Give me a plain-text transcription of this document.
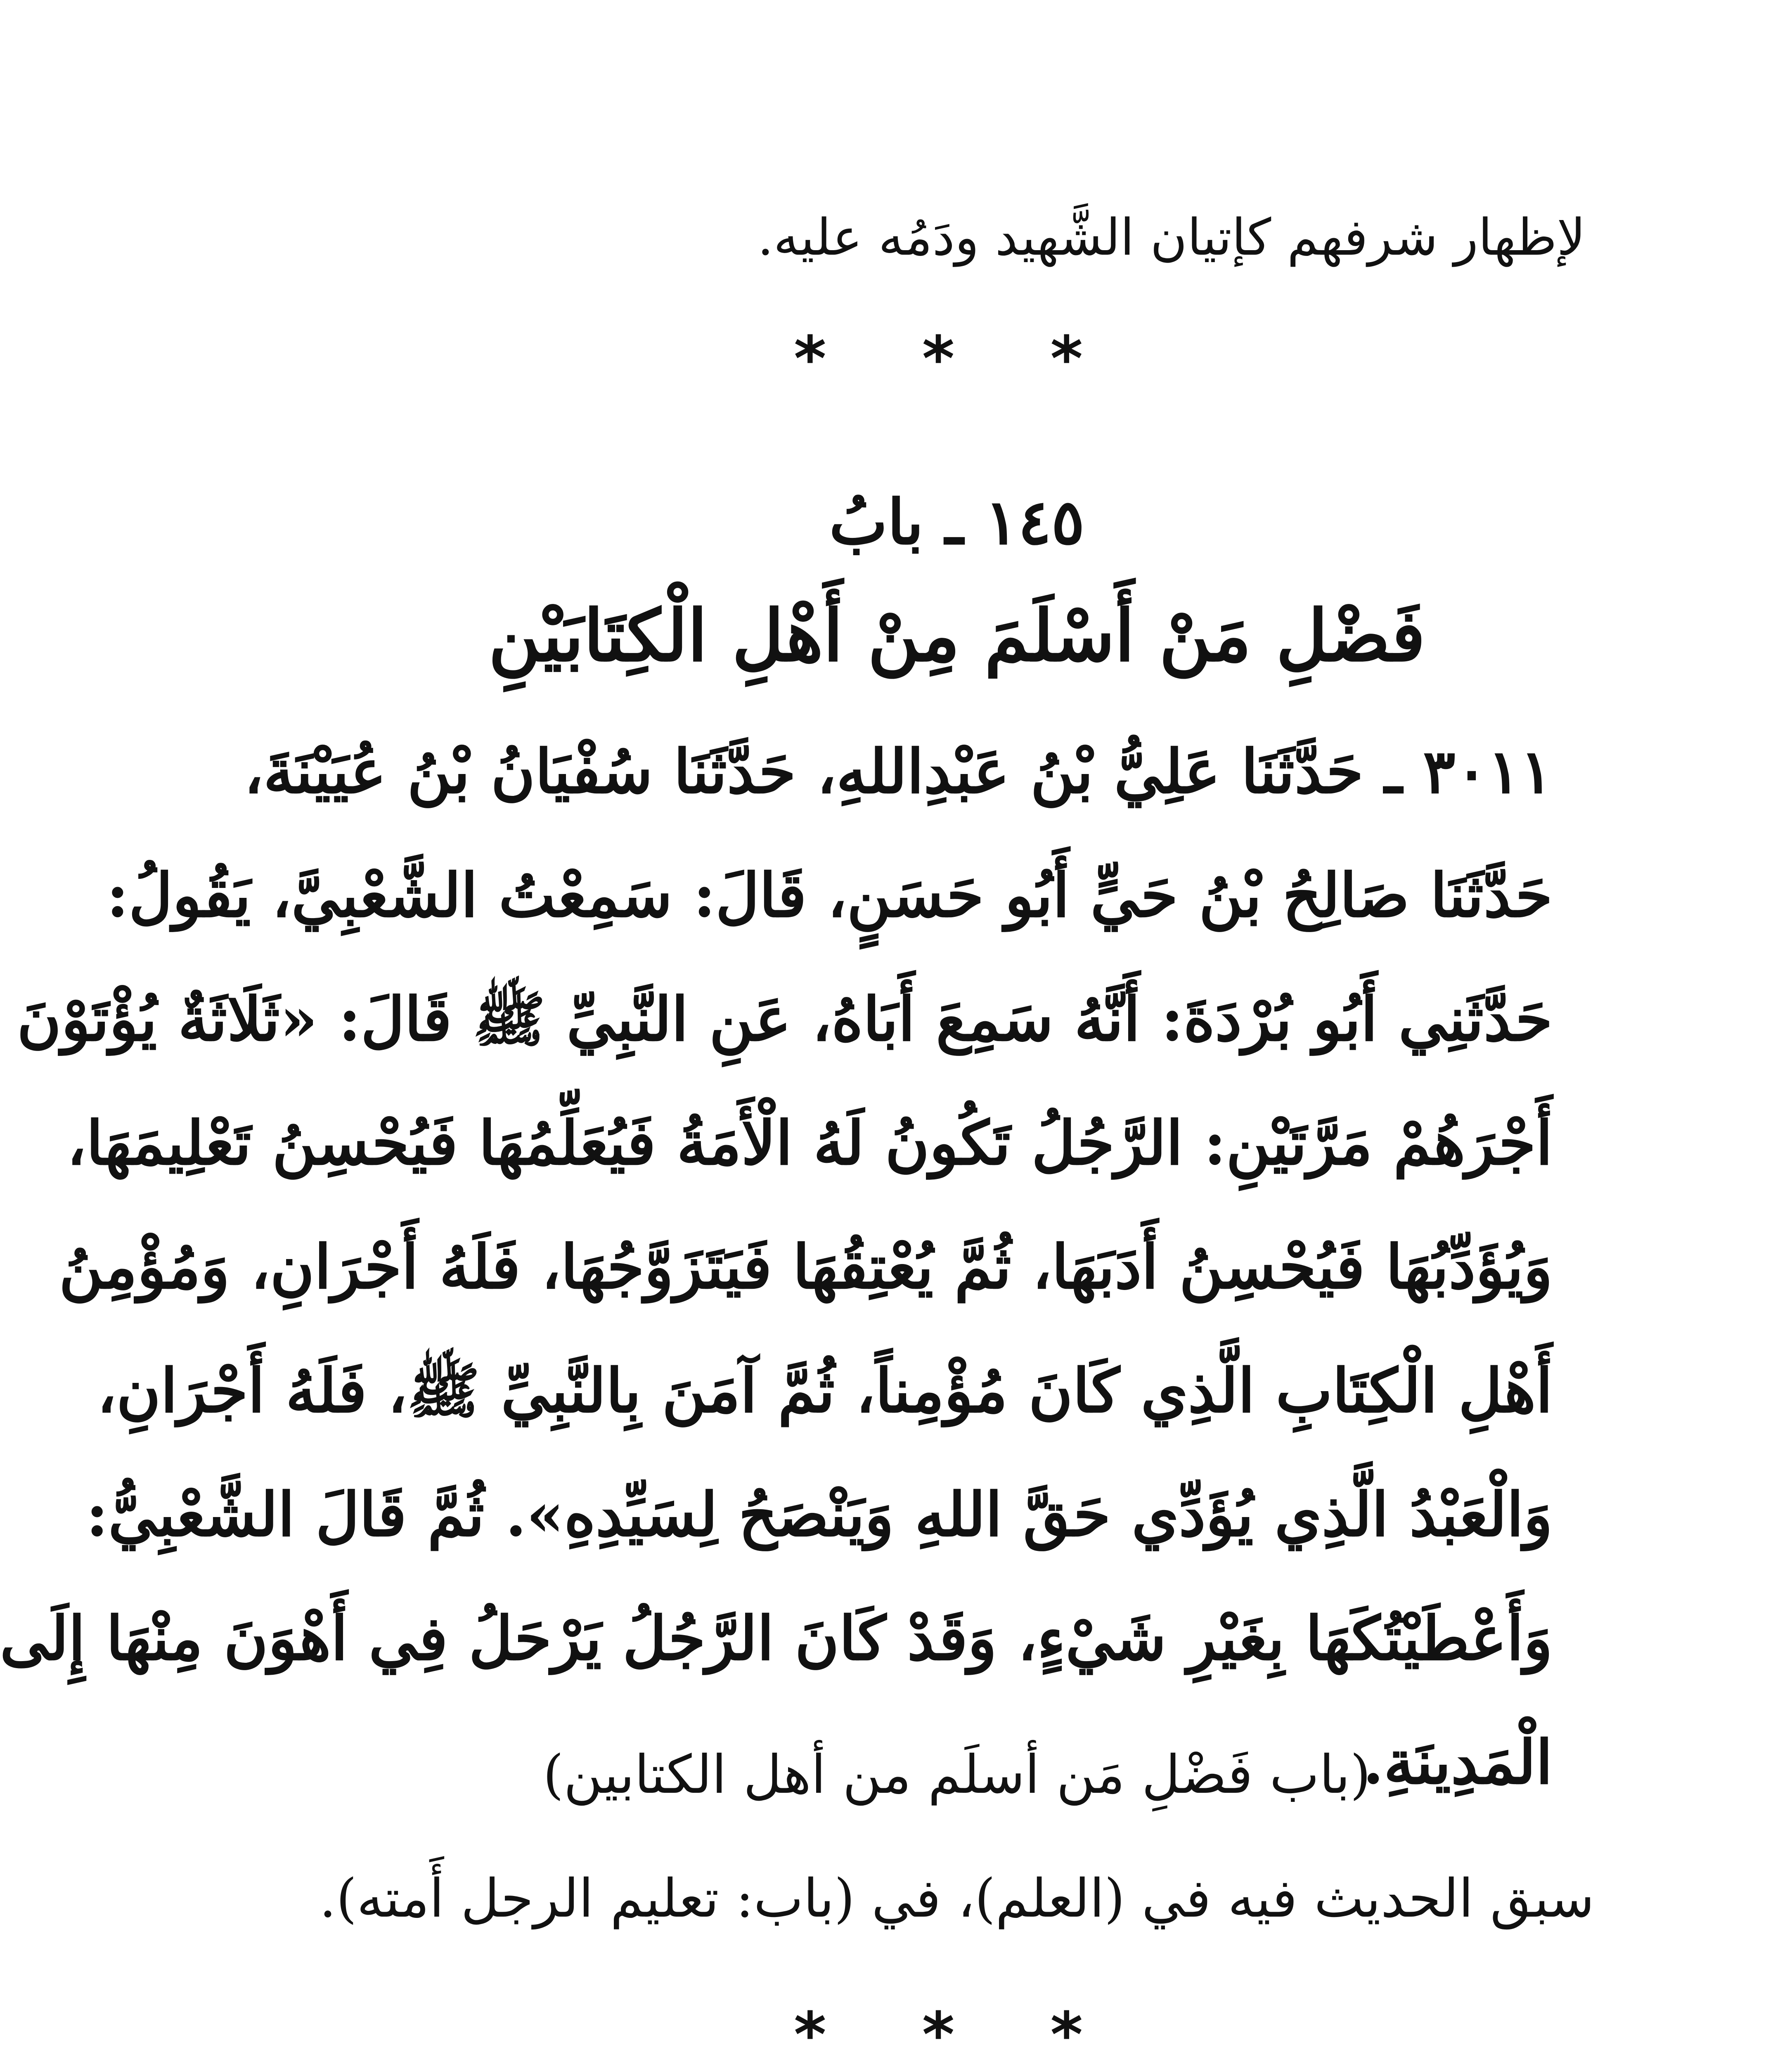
لإظهار شرفهم كإتيان الشَّهيد ودَمُه عليه.
* * *
١٤٥ ـ بابُ
فَضْلِ مَنْ أَسْلَمَ مِنْ أَهْلِ الْكِتَابَيْنِ
٣٠١١ ـ حَدَّثَنَا عَلِيُّ بْنُ عَبْدِاللهِ، حَدَّثَنَا سُفْيَانُ بْنُ عُيَيْنَةَ،
حَدَّثَنَا صَالِحُ بْنُ حَيٍّ أَبُو حَسَنٍ، قَالَ: سَمِعْتُ الشَّعْبِيَّ، يَقُولُ:
حَدَّثَنِي أَبُو بُرْدَةَ: أَنَّهُ سَمِعَ أَبَاهُ، عَنِ النَّبِيِّ ﷺ قَالَ: «ثَلَاثَةٌ يُؤْتَوْنَ
أَجْرَهُمْ مَرَّتَيْنِ: الرَّجُلُ تَكُونُ لَهُ الْأَمَةُ فَيُعَلِّمُهَا فَيُحْسِنُ تَعْلِيمَهَا،
وَيُؤَدِّبُهَا فَيُحْسِنُ أَدَبَهَا، ثُمَّ يُعْتِقُهَا فَيَتَزَوَّجُهَا، فَلَهُ أَجْرَانِ، وَمُؤْمِنُ
أَهْلِ الْكِتَابِ الَّذِي كَانَ مُؤْمِناً، ثُمَّ آمَنَ بِالنَّبِيِّ ﷺ، فَلَهُ أَجْرَانِ،
وَالْعَبْدُ الَّذِي يُؤَدِّي حَقَّ اللهِ وَيَنْصَحُ لِسَيِّدِهِ». ثُمَّ قَالَ الشَّعْبِيُّ:
وَأَعْطَيْتُكَهَا بِغَيْرِ شَيْءٍ، وَقَدْ كَانَ الرَّجُلُ يَرْحَلُ فِي أَهْوَنَ مِنْهَا إِلَى
الْمَدِينَةِ.
(باب فَضْلِ مَن أسلَم من أهل الكتابين)
سبق الحديث فيه في (العلم)، في (باب: تعليم الرجل أَمته).
* * *
